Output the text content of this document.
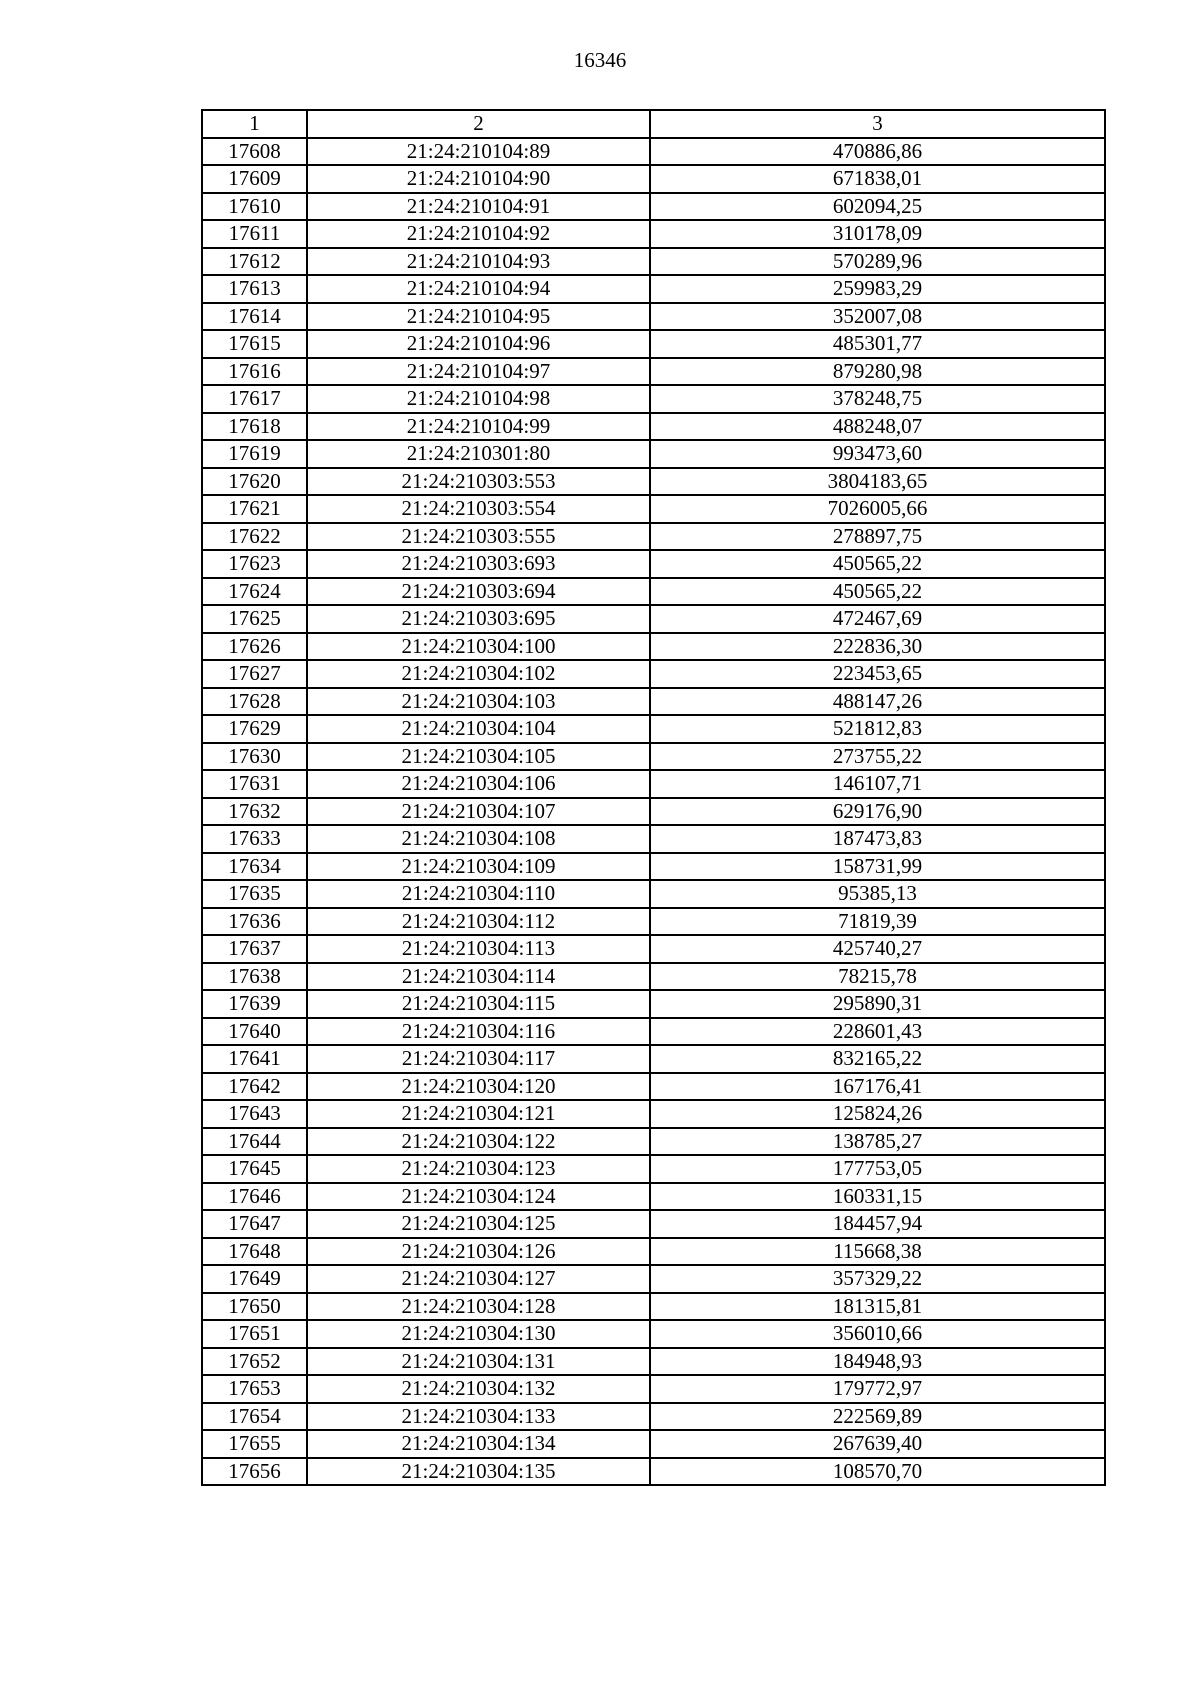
16346
1	2	3
17608	21:24:210104:89	470886,86
17609	21:24:210104:90	671838,01
17610	21:24:210104:91	602094,25
17611	21:24:210104:92	310178,09
17612	21:24:210104:93	570289,96
17613	21:24:210104:94	259983,29
17614	21:24:210104:95	352007,08
17615	21:24:210104:96	485301,77
17616	21:24:210104:97	879280,98
17617	21:24:210104:98	378248,75
17618	21:24:210104:99	488248,07
17619	21:24:210301:80	993473,60
17620	21:24:210303:553	3804183,65
17621	21:24:210303:554	7026005,66
17622	21:24:210303:555	278897,75
17623	21:24:210303:693	450565,22
17624	21:24:210303:694	450565,22
17625	21:24:210303:695	472467,69
17626	21:24:210304:100	222836,30
17627	21:24:210304:102	223453,65
17628	21:24:210304:103	488147,26
17629	21:24:210304:104	521812,83
17630	21:24:210304:105	273755,22
17631	21:24:210304:106	146107,71
17632	21:24:210304:107	629176,90
17633	21:24:210304:108	187473,83
17634	21:24:210304:109	158731,99
17635	21:24:210304:110	95385,13
17636	21:24:210304:112	71819,39
17637	21:24:210304:113	425740,27
17638	21:24:210304:114	78215,78
17639	21:24:210304:115	295890,31
17640	21:24:210304:116	228601,43
17641	21:24:210304:117	832165,22
17642	21:24:210304:120	167176,41
17643	21:24:210304:121	125824,26
17644	21:24:210304:122	138785,27
17645	21:24:210304:123	177753,05
17646	21:24:210304:124	160331,15
17647	21:24:210304:125	184457,94
17648	21:24:210304:126	115668,38
17649	21:24:210304:127	357329,22
17650	21:24:210304:128	181315,81
17651	21:24:210304:130	356010,66
17652	21:24:210304:131	184948,93
17653	21:24:210304:132	179772,97
17654	21:24:210304:133	222569,89
17655	21:24:210304:134	267639,40
17656	21:24:210304:135	108570,70
